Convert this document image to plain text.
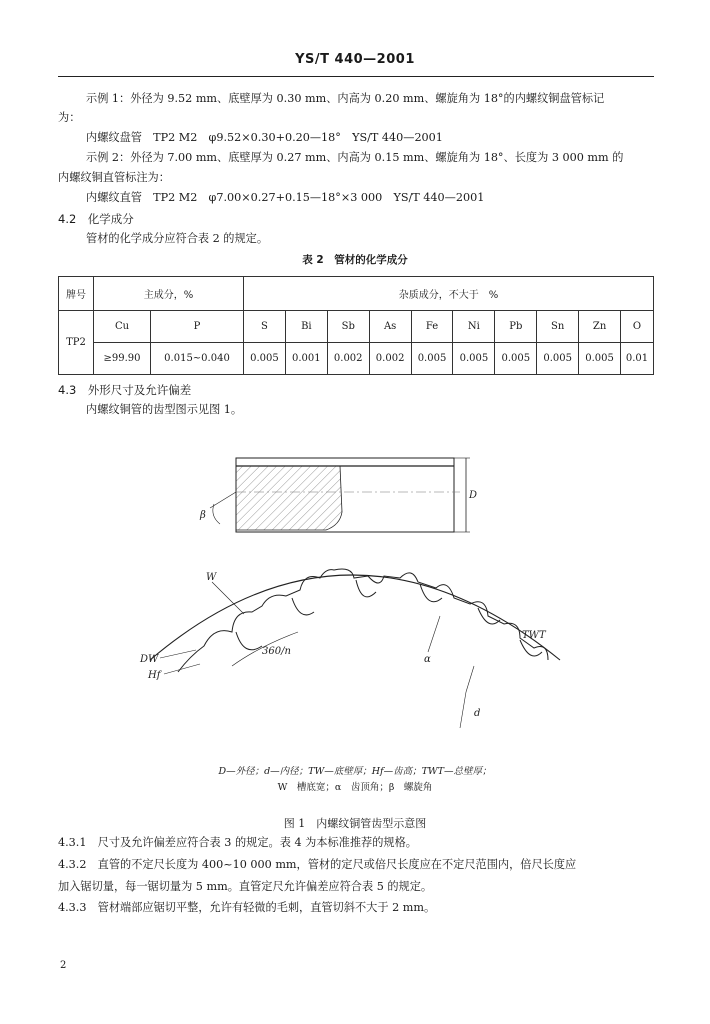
YS/T 440—2001
示例 1：外径为 9.52 mm、底壁厚为 0.30 mm、内高为 0.20 mm、螺旋角为 18°的内螺纹铜盘管标记
为：
内螺纹盘管　TP2 M2　φ9.52×0.30+0.20—18°　YS/T 440—2001
示例 2：外径为 7.00 mm、底壁厚为 0.27 mm、内高为 0.15 mm、螺旋角为 18°、长度为 3 000 mm 的
内螺纹铜直管标注为：
内螺纹直管　TP2 M2　φ7.00×0.27+0.15—18°×3 000　YS/T 440—2001
4.2　化学成分
管材的化学成分应符合表 2 的规定。
表 2　管材的化学成分
牌号	主成分，%		杂质成分，不大于　%									
TP2	Cu	P	S	Bi	Sb	As	Fe	Ni	Pb	Sn	Zn	O
	≥99.90	0.015~0.040	0.005	0.001	0.002	0.002	0.005	0.005	0.005	0.005	0.005	0.01
4.3　外形尺寸及允许偏差
内螺纹铜管的齿型图示见图 1。
D
β
W
DW
Hf
360/n
TWT
α
d
D—外径；d—内径；TW—底壁厚；Hf—齿高；TWT—总壁厚；
W　槽底宽；α　齿顶角；β　螺旋角
图 1　内螺纹铜管齿型示意图
4.3.1　尺寸及允许偏差应符合表 3 的规定。表 4 为本标准推荐的规格。
4.3.2　直管的不定尺长度为 400~10 000 mm，管材的定尺或倍尺长度应在不定尺范围内，倍尺长度应
加入锯切量，每一锯切量为 5 mm。直管定尺允许偏差应符合表 5 的规定。
4.3.3　管材端部应锯切平整，允许有轻微的毛刺，直管切斜不大于 2 mm。
2
